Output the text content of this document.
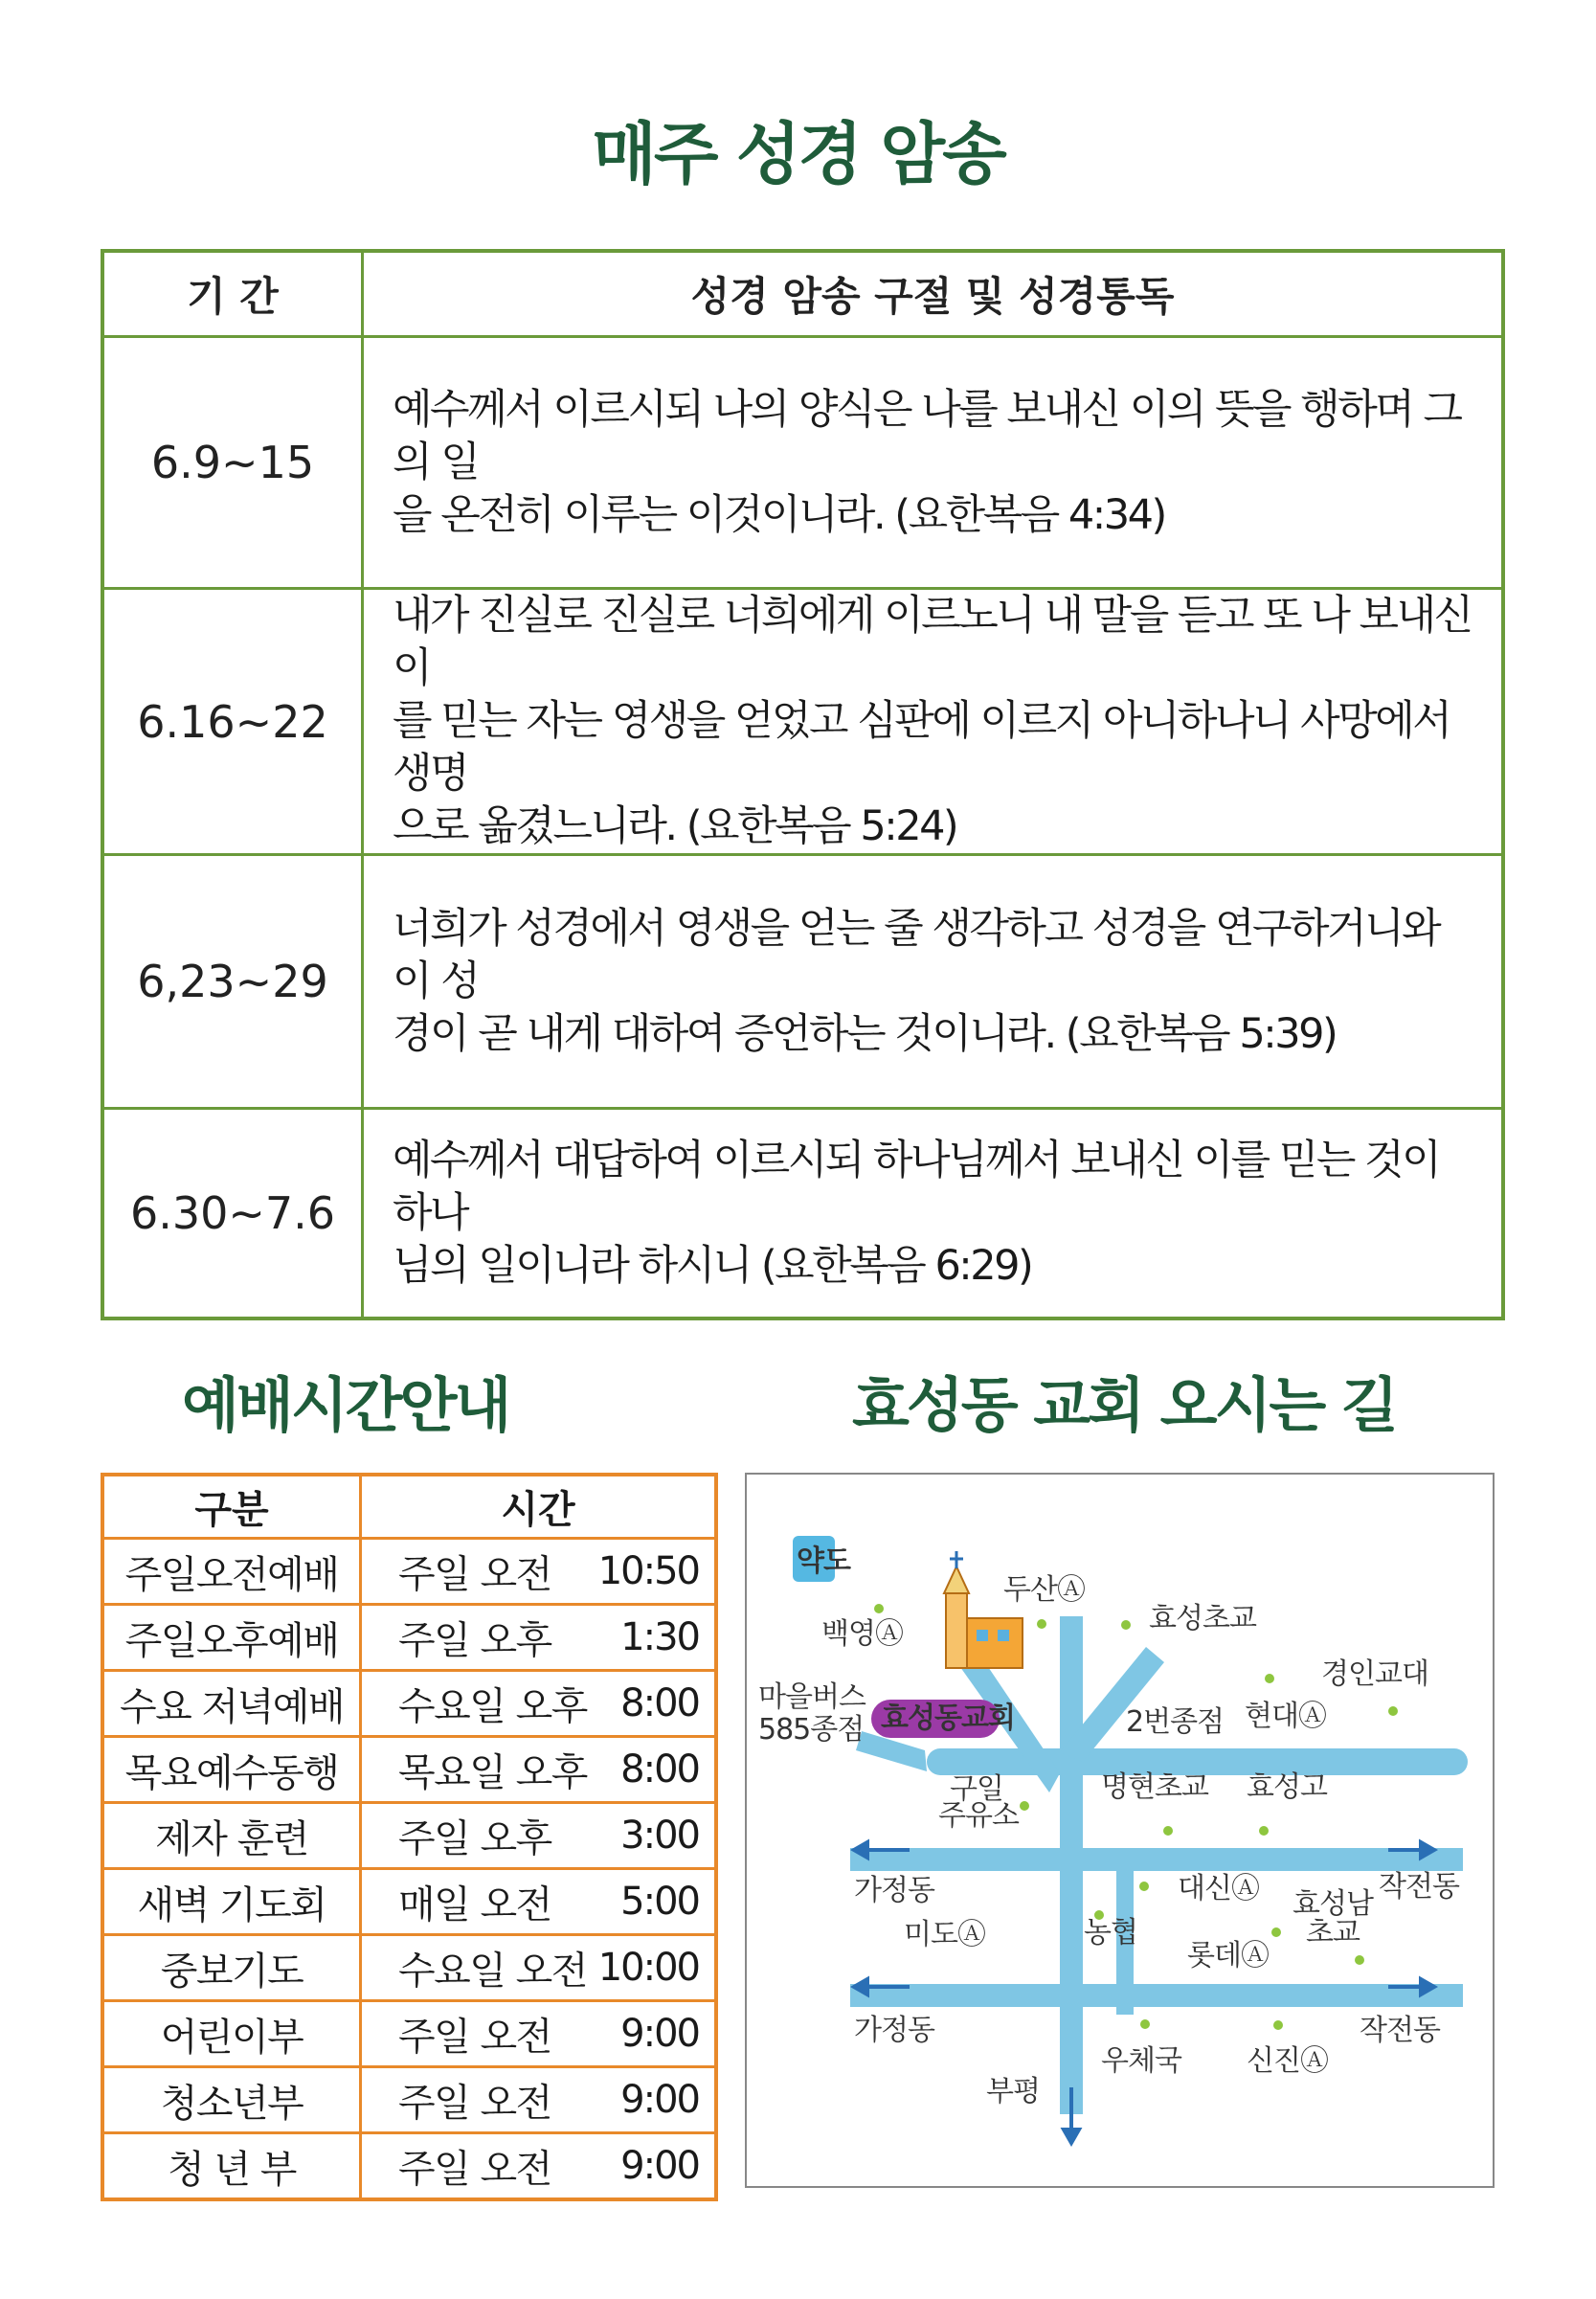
매주 성경 암송
기 간	성경 암송 구절 및 성경통독
6.9~15	예수께서 이르시되 나의 양식은 나를 보내신 이의 뜻을 행하며 그의 일
을 온전히 이루는 이것이니라. (요한복음 4:34)

6.16~22	내가 진실로 진실로 너희에게 이르노니 내 말을 듣고 또 나 보내신 이
를 믿는 자는 영생을 얻었고 심판에 이르지 아니하나니 사망에서 생명
으로 옮겼느니라. (요한복음 5:24)

6,23~29	너희가 성경에서 영생을 얻는 줄 생각하고 성경을 연구하거니와 이 성
경이 곧 내게 대하여 증언하는 것이니라. (요한복음 5:39)

6.30~7.6	예수께서 대답하여 이르시되 하나님께서 보내신 이를 믿는 것이 하나
님의 일이니라 하시니 (요한복음 6:29)
예배시간안내
구분	시간
주일오전예배	주일 오전 10:50

주일오후예배	주일 오후 1:30

수요 저녁예배	수요일 오후 8:00

목요예수동행	목요일 오후 8:00

제자 훈련	주일 오후 3:00

새벽 기도회	매일 오전 5:00

중보기도	수요일 오전 10:00

어린이부	주일 오전 9:00

청소년부	주일 오전 9:00

청 년 부	주일 오전 9:00
효성동 교회 오시는 길
약도
효성동교회
백영Ⓐ
두산Ⓐ
효성초교
경인교대
현대Ⓐ
마을버스
585종점	2번종점
구일
주유소
명현초교 효성고
가정동	대신Ⓐ 효성남
초교
작전동
미도Ⓐ	농협
롯데Ⓐ
가정동	작전동
우체국 신진Ⓐ
부평
